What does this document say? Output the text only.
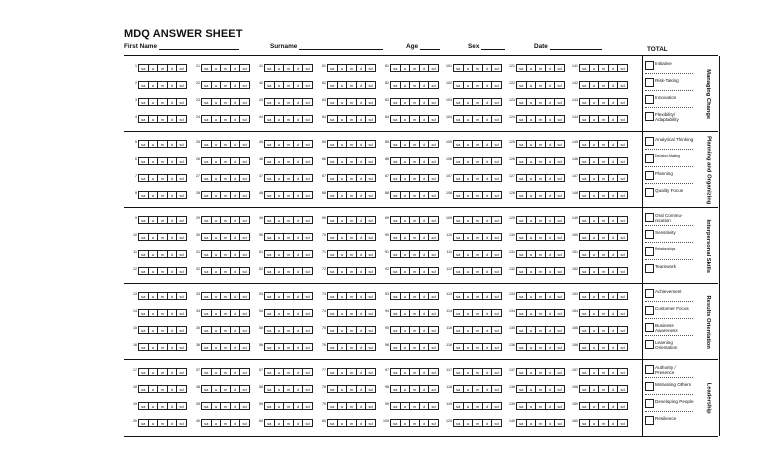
MDQ ANSWER SHEET
First Name	Surname	Age	Sex	Date	TOTAL
1	sa	a	m	d	sd	21	sa	a	m	d	sd	41	sa	a	m	d	sd	61	sa	a	m	d	sd	81	sa	a	m	d	sd	101	sa	a	m	d	sd	121	sa	a	m	d	sd	141	sa	a	m	d	sd
2	sa	a	m	d	sd	22	sa	a	m	d	sd	42	sa	a	m	d	sd	62	sa	a	m	d	sd	82	sa	a	m	d	sd	102	sa	a	m	d	sd	122	sa	a	m	d	sd	142	sa	a	m	d	sd
3	sa	a	m	d	sd	23	sa	a	m	d	sd	43	sa	a	m	d	sd	63	sa	a	m	d	sd	83	sa	a	m	d	sd	103	sa	a	m	d	sd	123	sa	a	m	d	sd	143	sa	a	m	d	sd
4	sa	a	m	d	sd	24	sa	a	m	d	sd	44	sa	a	m	d	sd	64	sa	a	m	d	sd	84	sa	a	m	d	sd	104	sa	a	m	d	sd	124	sa	a	m	d	sd	144	sa	a	m	d	sd
Initiative
Risk-Taking
Innovation
Flexibility/ Adaptability
Managing Change
5	sa	a	m	d	sd	25	sa	a	m	d	sd	45	sa	a	m	d	sd	65	sa	a	m	d	sd	85	sa	a	m	d	sd	105	sa	a	m	d	sd	125	sa	a	m	d	sd	145	sa	a	m	d	sd
6	sa	a	m	d	sd	26	sa	a	m	d	sd	46	sa	a	m	d	sd	66	sa	a	m	d	sd	86	sa	a	m	d	sd	106	sa	a	m	d	sd	126	sa	a	m	d	sd	146	sa	a	m	d	sd
7	sa	a	m	d	sd	27	sa	a	m	d	sd	47	sa	a	m	d	sd	67	sa	a	m	d	sd	87	sa	a	m	d	sd	107	sa	a	m	d	sd	127	sa	a	m	d	sd	147	sa	a	m	d	sd
8	sa	a	m	d	sd	28	sa	a	m	d	sd	48	sa	a	m	d	sd	68	sa	a	m	d	sd	88	sa	a	m	d	sd	108	sa	a	m	d	sd	128	sa	a	m	d	sd	148	sa	a	m	d	sd
Analytical Thinking
Decision-Making
Planning
Quality Focus	Planning and Organizing
9	sa	a	m	d	sd	29	sa	a	m	d	sd	49	sa	a	m	d	sd	69	sa	a	m	d	sd	89	sa	a	m	d	sd	109	sa	a	m	d	sd	129	sa	a	m	d	sd	149	sa	a	m	d	sd
10	sa	a	m	d	sd	30	sa	a	m	d	sd	50	sa	a	m	d	sd	70	sa	a	m	d	sd	90	sa	a	m	d	sd	110	sa	a	m	d	sd	130	sa	a	m	d	sd	150	sa	a	m	d	sd
11	sa	a	m	d	sd	31	sa	a	m	d	sd	51	sa	a	m	d	sd	71	sa	a	m	d	sd	91	sa	a	m	d	sd	111	sa	a	m	d	sd	131	sa	a	m	d	sd	151	sa	a	m	d	sd
12	sa	a	m	d	sd	32	sa	a	m	d	sd	52	sa	a	m	d	sd	72	sa	a	m	d	sd	92	sa	a	m	d	sd	112	sa	a	m	d	sd	132	sa	a	m	d	sd	152	sa	a	m	d	sd
Oral Commu-nication
Sensitivity
Relationships
Teamwork	Interpersonal Skills
13	sa	a	m	d	sd	33	sa	a	m	d	sd	53	sa	a	m	d	sd	73	sa	a	m	d	sd	93	sa	a	m	d	sd	113	sa	a	m	d	sd	133	sa	a	m	d	sd	153	sa	a	m	d	sd
14	sa	a	m	d	sd	34	sa	a	m	d	sd	54	sa	a	m	d	sd	74	sa	a	m	d	sd	94	sa	a	m	d	sd	114	sa	a	m	d	sd	134	sa	a	m	d	sd	154	sa	a	m	d	sd
15	sa	a	m	d	sd	35	sa	a	m	d	sd	55	sa	a	m	d	sd	75	sa	a	m	d	sd	95	sa	a	m	d	sd	115	sa	a	m	d	sd	135	sa	a	m	d	sd	155	sa	a	m	d	sd
16	sa	a	m	d	sd	36	sa	a	m	d	sd	56	sa	a	m	d	sd	76	sa	a	m	d	sd	96	sa	a	m	d	sd	116	sa	a	m	d	sd	136	sa	a	m	d	sd	156	sa	a	m	d	sd
Achievement
Customer Focus
Business Awareness
Learning Orientation	Results Orientation
17	sa	a	m	d	sd	37	sa	a	m	d	sd	57	sa	a	m	d	sd	77	sa	a	m	d	sd	97	sa	a	m	d	sd	117	sa	a	m	d	sd	137	sa	a	m	d	sd	157	sa	a	m	d	sd
18	sa	a	m	d	sd	38	sa	a	m	d	sd	58	sa	a	m	d	sd	78	sa	a	m	d	sd	98	sa	a	m	d	sd	118	sa	a	m	d	sd	138	sa	a	m	d	sd	158	sa	a	m	d	sd
19	sa	a	m	d	sd	39	sa	a	m	d	sd	59	sa	a	m	d	sd	79	sa	a	m	d	sd	99	sa	a	m	d	sd	119	sa	a	m	d	sd	139	sa	a	m	d	sd	159	sa	a	m	d	sd
20	sa	a	m	d	sd	40	sa	a	m	d	sd	60	sa	a	m	d	sd	80	sa	a	m	d	sd	100	sa	a	m	d	sd	120	sa	a	m	d	sd	140	sa	a	m	d	sd	160	sa	a	m	d	sd
Authority / Presence
Motivating Others
Developing People
Resilience
Leadership
